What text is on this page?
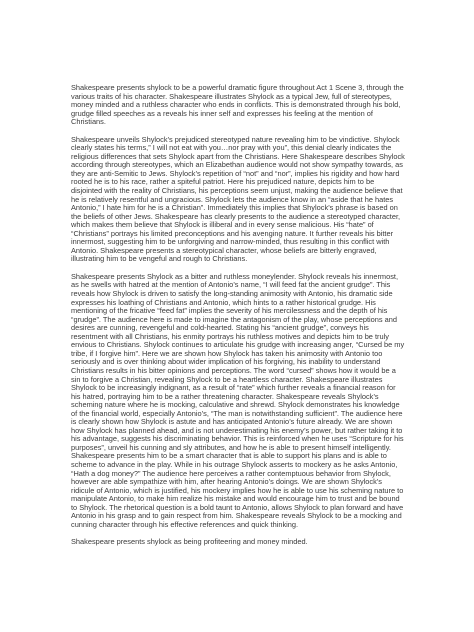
Shakespeare presents shylock to be a powerful dramatic figure throughout Act 1 Scene 3, through the various traits of his character. Shakespeare illustrates Shylock as a typical Jew, full of stereotypes, money minded and a ruthless character who ends in conflicts. This is demonstrated through his bold, grudge filled speeches as a reveals his inner self and expresses his feeling at the mention of Christians.

Shakespeare unveils Shylock’s prejudiced stereotyped nature revealing him to be vindictive. Shylock clearly states his terms,” I will not eat with you…nor pray with you”, this denial clearly indicates the religious differences that sets Shylock apart from the Christians. Here Shakespeare describes Shylock according through stereotypes, which an Elizabethan audience would not show sympathy towards, as they are anti-Semitic to Jews. Shylock’s repetition of “not” and “nor”, implies his rigidity and how hard rooted he is to his race, rather a spiteful patriot. Here his prejudiced nature, depicts him to be disjointed with the reality of Christians, his perceptions seem unjust, making the audience believe that he is relatively resentful and ungracious. Shylock lets the audience know in an “aside that he hates Antonio,” I hate him for he is a Christian”. Immediately this implies that Shylock’s phrase is based on the beliefs of other Jews. Shakespeare has clearly presents to the audience a stereotyped character, which makes them believe that Shylock is illiberal and in every sense malicious. His “hate” of “Christians” portrays his limited preconceptions and his avenging nature. It further reveals his bitter innermost, suggesting him to be unforgiving and narrow-minded, thus resulting in this conflict with Antonio. Shakespeare presents a stereotypical character, whose beliefs are bitterly engraved, illustrating him to be vengeful and rough to Christians.

Shakespeare presents Shylock as a bitter and ruthless moneylender. Shylock reveals his innermost, as he swells with hatred at the mention of Antonio’s name, “I will feed fat the ancient grudge”. This reveals how Shylock is driven to satisfy the long-standing animosity with Antonio, his dramatic side expresses his loathing of Christians and Antonio, which hints to a rather historical grudge. His mentioning of the fricative “feed fat” implies the severity of his mercilessness and the depth of his “grudge”. The audience here is made to imagine the antagonism of the play, whose perceptions and desires are cunning, revengeful and cold-hearted. Stating his “ancient grudge”, conveys his resentment with all Christians, his enmity portrays his ruthless motives and depicts him to be truly envious to Christians. Shylock continues to articulate his grudge with increasing anger, “Cursed be my tribe, if I forgive him”. Here we are shown how Shylock has taken his animosity with Antonio too seriously and is over thinking about wider implication of his forgiving, his inability to understand Christians results in his bitter opinions and perceptions. The word “cursed” shows how it would be a sin to forgive a Christian, revealing Shylock to be a heartless character. Shakespeare illustrates Shylock to be increasingly indignant, as a result of “rate” which further reveals a financial reason for his hatred, portraying him to be a rather threatening character. Shakespeare reveals Shylock’s scheming nature where he is mocking, calculative and shrewd. Shylock demonstrates his knowledge of the financial world, especially Antonio’s, “The man is notwithstanding sufficient”. The audience here is clearly shown how Shylock is astute and has anticipated Antonio’s future already. We are shown how Shylock has planned ahead, and is not underestimating his enemy’s power, but rather taking it to his advantage, suggests his discriminating behavior. This is reinforced when he uses “Scripture for his purposes”, unveil his cunning and sly attributes, and how he is able to present himself intelligently. Shakespeare presents him to be a smart character that is able to support his plans and is able to scheme to advance in the play. While in his outrage Shylock asserts to mockery as he asks Antonio, “Hath a dog money?” The audience here perceives a rather contemptuous behavior from Shylock, however are able sympathize with him, after hearing Antonio’s doings. We are shown Shylock’s ridicule of Antonio, which is justified, his mockery implies how he is able to use his scheming nature to manipulate Antonio, to make him realize his mistake and would encourage him to trust and be bound to Shylock. The rhetorical question is a bold taunt to Antonio, allows Shylock to plan forward and have Antonio in his grasp and to gain respect from him. Shakespeare reveals Shylock to be a mocking and cunning character through his effective references and quick thinking.

Shakespeare presents shylock as being profiteering and money minded.
